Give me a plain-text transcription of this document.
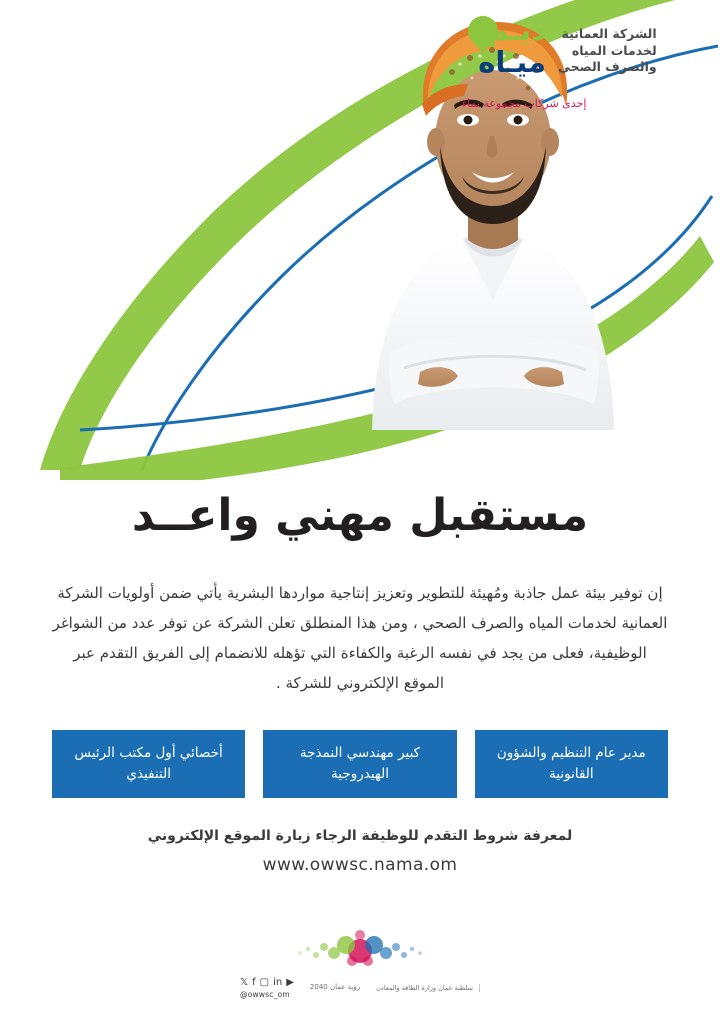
ديـم
ميـاه
الشركة العمانية
لخدمات المياه
والصرف الصحي
إحدى شركات مجموعة نماء
مستقبل مهني واعــد
إن توفير بيئة عمل جاذبة ومُهيئة للتطوير وتعزيز إنتاجية مواردها البشرية يأتي ضمن أولويات الشركة العمانية لخدمات المياه والصرف الصحي ، ومن هذا المنطلق تعلن الشركة عن توفر عدد من الشواغر الوظيفية، فعلى من يجد في نفسه الرغبة والكفاءة التي تؤهله للانضمام إلى الفريق التقدم عبر الموقع الإلكتروني للشركة .
مدير عام التنظيم والشؤون القانونية
كبير مهندسي النمذجة الهيدروجية
أخصائي أول مكتب الرئيس التنفيذي
لمعرفة شروط التقدم للوظيفة الرجاء زيارة الموقع الإلكتروني
www.owwsc.nama.om
سلطنة عمان وزارة الطاقة والمعادن
رؤية عمان 2040
𝕏 f ▢ in ▶
@owwsc_om
